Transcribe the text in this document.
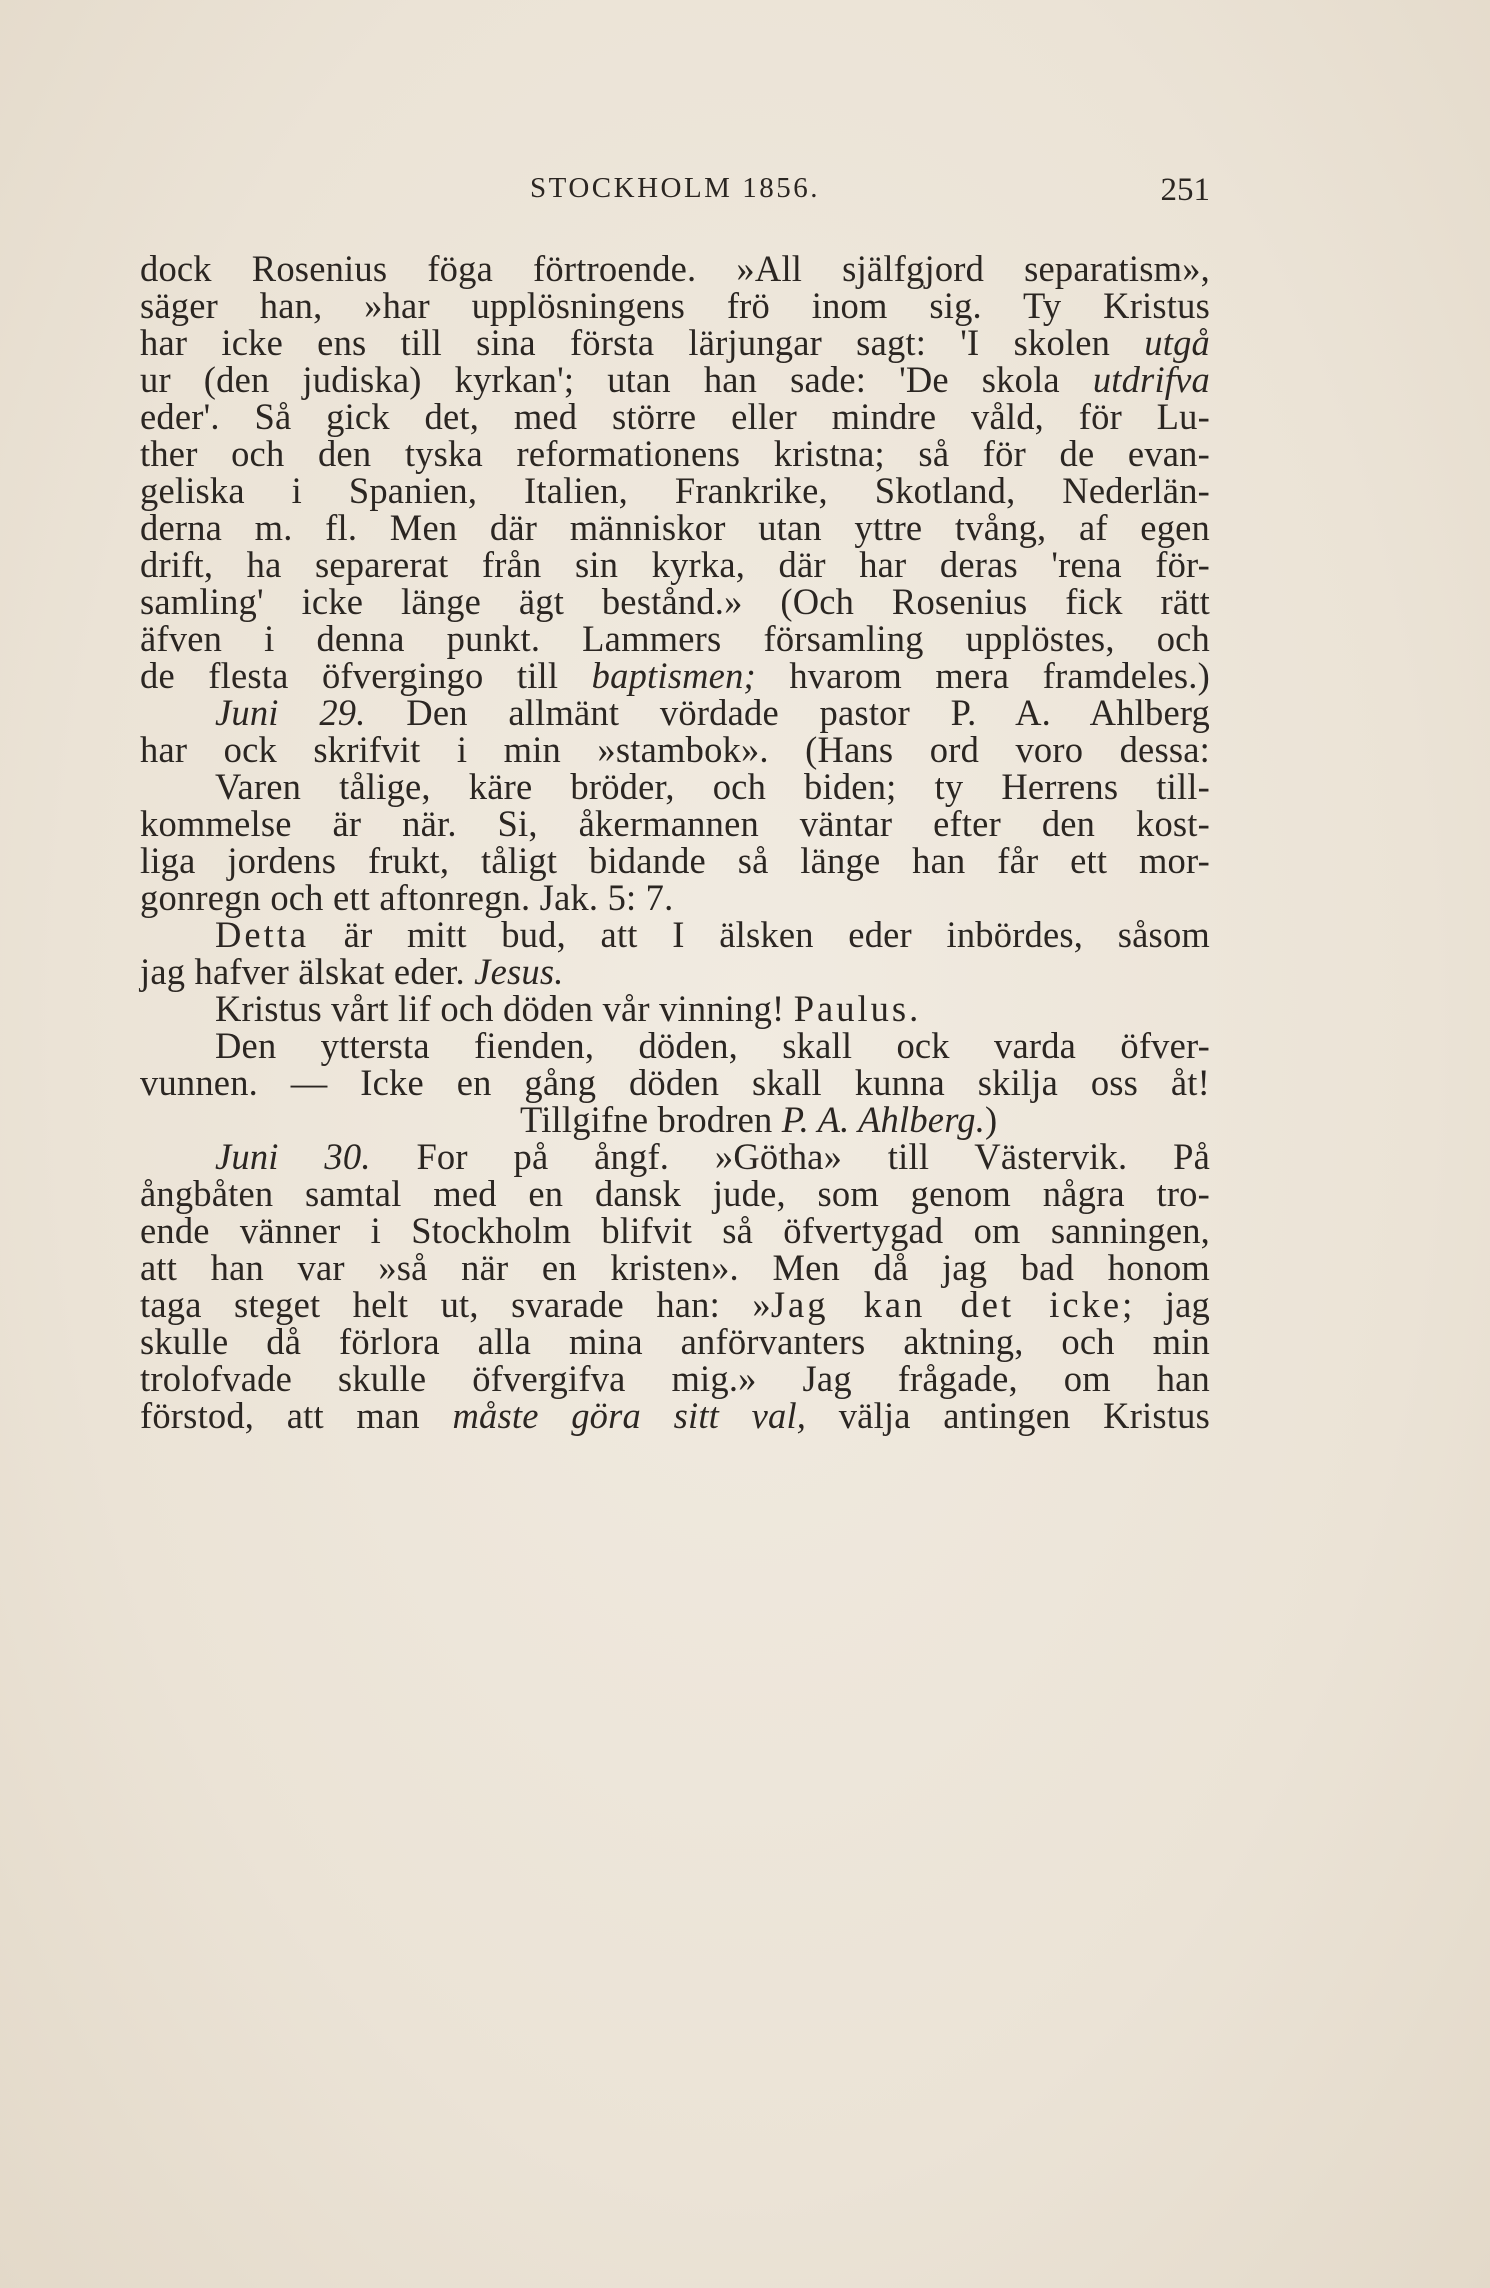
STOCKHOLM 1856.	251
dock Rosenius föga förtroende. »All själfgjord separatism»,
säger han, »har upplösningens frö inom sig. Ty Kristus
har icke ens till sina första lärjungar sagt: 'I skolen utgå
ur (den judiska) kyrkan'; utan han sade: 'De skola utdrifva
eder'. Så gick det, med större eller mindre våld, för Lu-
ther och den tyska reformationens kristna; så för de evan-
geliska i Spanien, Italien, Frankrike, Skotland, Nederlän-
derna m. fl. Men där människor utan yttre tvång, af egen
drift, ha separerat från sin kyrka, där har deras 'rena för-
samling' icke länge ägt bestånd.» (Och Rosenius fick rätt
äfven i denna punkt. Lammers församling upplöstes, och
de flesta öfvergingo till baptismen; hvarom mera framdeles.)
Juni 29. Den allmänt vördade pastor P. A. Ahlberg
har ock skrifvit i min »stambok». (Hans ord voro dessa:
Varen tålige, käre bröder, och biden; ty Herrens till-
kommelse är när. Si, åkermannen väntar efter den kost-
liga jordens frukt, tåligt bidande så länge han får ett mor-
gonregn och ett aftonregn. Jak. 5: 7.
Detta är mitt bud, att I älsken eder inbördes, såsom
jag hafver älskat eder. Jesus.
Kristus vårt lif och döden vår vinning! Paulus.
Den yttersta fienden, döden, skall ock varda öfver-
vunnen. — Icke en gång döden skall kunna skilja oss åt!
Tillgifne brodren P. A. Ahlberg.)
Juni 30. For på ångf. »Götha» till Västervik. På
ångbåten samtal med en dansk jude, som genom några tro-
ende vänner i Stockholm blifvit så öfvertygad om sanningen,
att han var »så när en kristen». Men då jag bad honom
taga steget helt ut, svarade han: »Jag kan det icke; jag
skulle då förlora alla mina anförvanters aktning, och min
trolofvade skulle öfvergifva mig.» Jag frågade, om han
förstod, att man måste göra sitt val, välja antingen Kristus
